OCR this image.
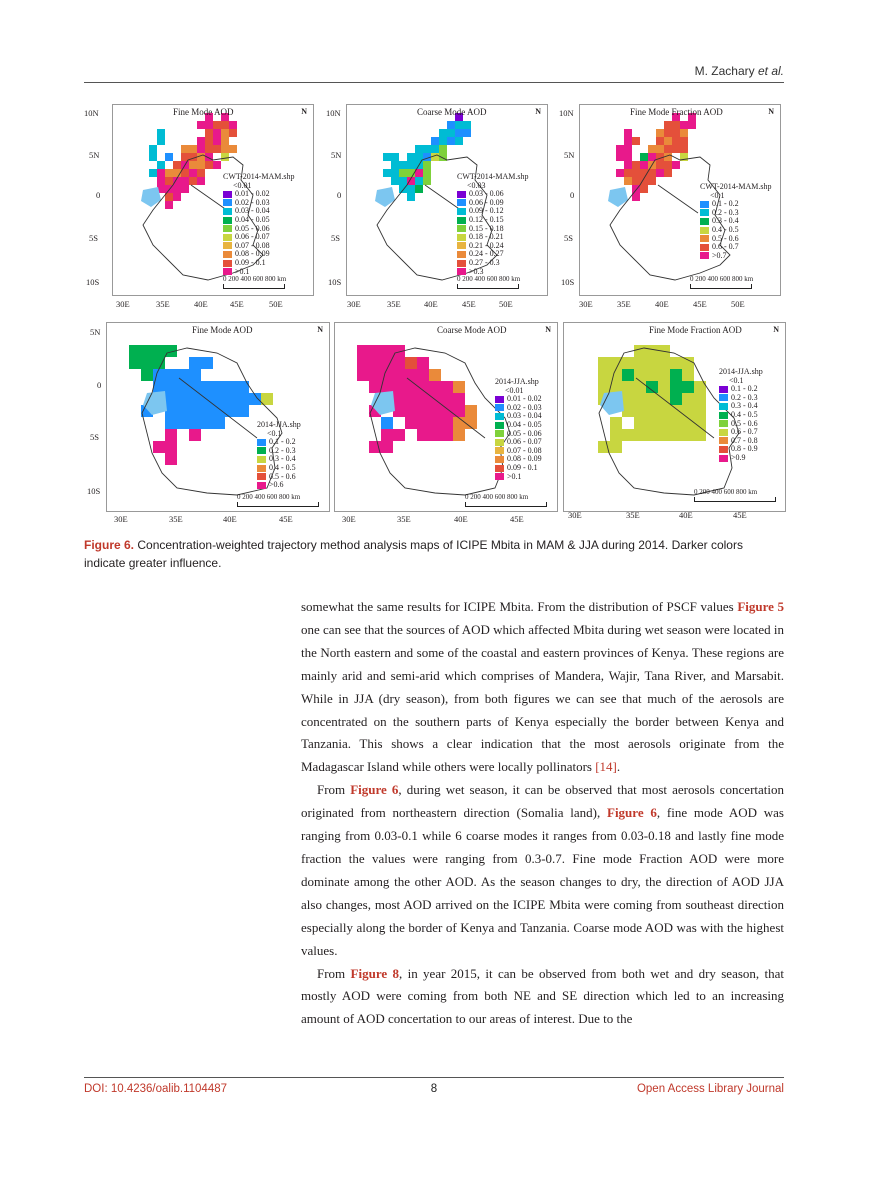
M. Zachary et al.
10N
5N
0
5S
10S
Fine Mode AOD	N
CWT-2014-MAM.shp
<0.01
0.01 - 0.02
0.02 - 0.03
0.03 - 0.04
0.04 - 0.05
0.05 - 0.06
0.06 - 0.07
0.07 - 0.08
0.08 - 0.09
0.09 - 0.1
>0.1
0 200 400 600 800 km
Coarse Mode AOD	N
CWT-2014-MAM.shp
<0.03
0.03 - 0.06
0.06 - 0.09
0.09 - 0.12
0.12 - 0.15
0.15 - 0.18
0.18 - 0.21
0.21 - 0.24
0.24 - 0.27
0.27 - 0.3
>0.3
0 200 400 600 800 km
Fine Mode Fraction AOD	N
CWT-2014-MAM.shp
<0.1
0.1 - 0.2
0.2 - 0.3
0.3 - 0.4
0.4 - 0.5
0.5 - 0.6
0.6 - 0.7
>0.7
0 200 400 600 800 km
10N
5N
0
5S
10S
10N
5N
0
5S
10S
30E	35E	40E	45E	50E	30E	35E	40E	45E	50E	30E	35E	40E	45E	50E
5N
0
5S
10S
Fine Mode AOD	N
2014-JJA.shp
<0.1
0.1 - 0.2
0.2 - 0.3
0.3 - 0.4
0.4 - 0.5
0.5 - 0.6
>0.6
0 200 400 600 800 km
Coarse Mode AOD	N
2014-JJA.shp
<0.01
0.01 - 0.02
0.02 - 0.03
0.03 - 0.04
0.04 - 0.05
0.05 - 0.06
0.06 - 0.07
0.07 - 0.08
0.08 - 0.09
0.09 - 0.1
>0.1
0 200 400 600 800 km
Fine Mode Fraction AOD	N
2014-JJA.shp
<0.1
0.1 - 0.2
0.2 - 0.3
0.3 - 0.4
0.4 - 0.5
0.5 - 0.6
0.6 - 0.7
0.7 - 0.8
0.8 - 0.9
>0.9
0 200 400 600 800 km
30E	35E	40E	45E	30E	35E	40E	45E	30E	35E	40E	45E
Figure 6. Concentration-weighted trajectory method analysis maps of ICIPE Mbita in MAM & JJA during 2014. Darker colors indicate greater influence.

somewhat the same results for ICIPE Mbita. From the distribution of PSCF values Figure 5 one can see that the sources of AOD which affected Mbita during wet season were located in the North eastern and some of the coastal and eastern provinces of Kenya. These regions are mainly arid and semi-arid which comprises of Mandera, Wajir, Tana River, and Marsabit. While in JJA (dry season), from both figures we can see that much of the aerosols are concentrated on the southern parts of Kenya especially the border between Kenya and Tanzania. This shows a clear indication that the most aerosols originate from the Madagascar Island while others were locally pollinators [14].

From Figure 6, during wet season, it can be observed that most aerosols concertation originated from northeastern direction (Somalia land), Figure 6, fine mode AOD was ranging from 0.03-0.1 while 6 coarse modes it ranges from 0.03-0.18 and lastly fine mode fraction the values were ranging from 0.3-0.7. Fine mode Fraction AOD were more dominate among the other AOD. As the season changes to dry, the direction of AOD JJA also changes, most AOD arrived on the ICIPE Mbita were coming from southeast direction especially along the border of Kenya and Tanzania. Coarse mode AOD was with the highest values.

From Figure 8, in year 2015, it can be observed from both wet and dry season, that mostly AOD were coming from both NE and SE direction which led to an increasing amount of AOD concertation to our areas of interest. Due to the

DOI: 10.4236/oalib.1104487	8	Open Access Library Journal
